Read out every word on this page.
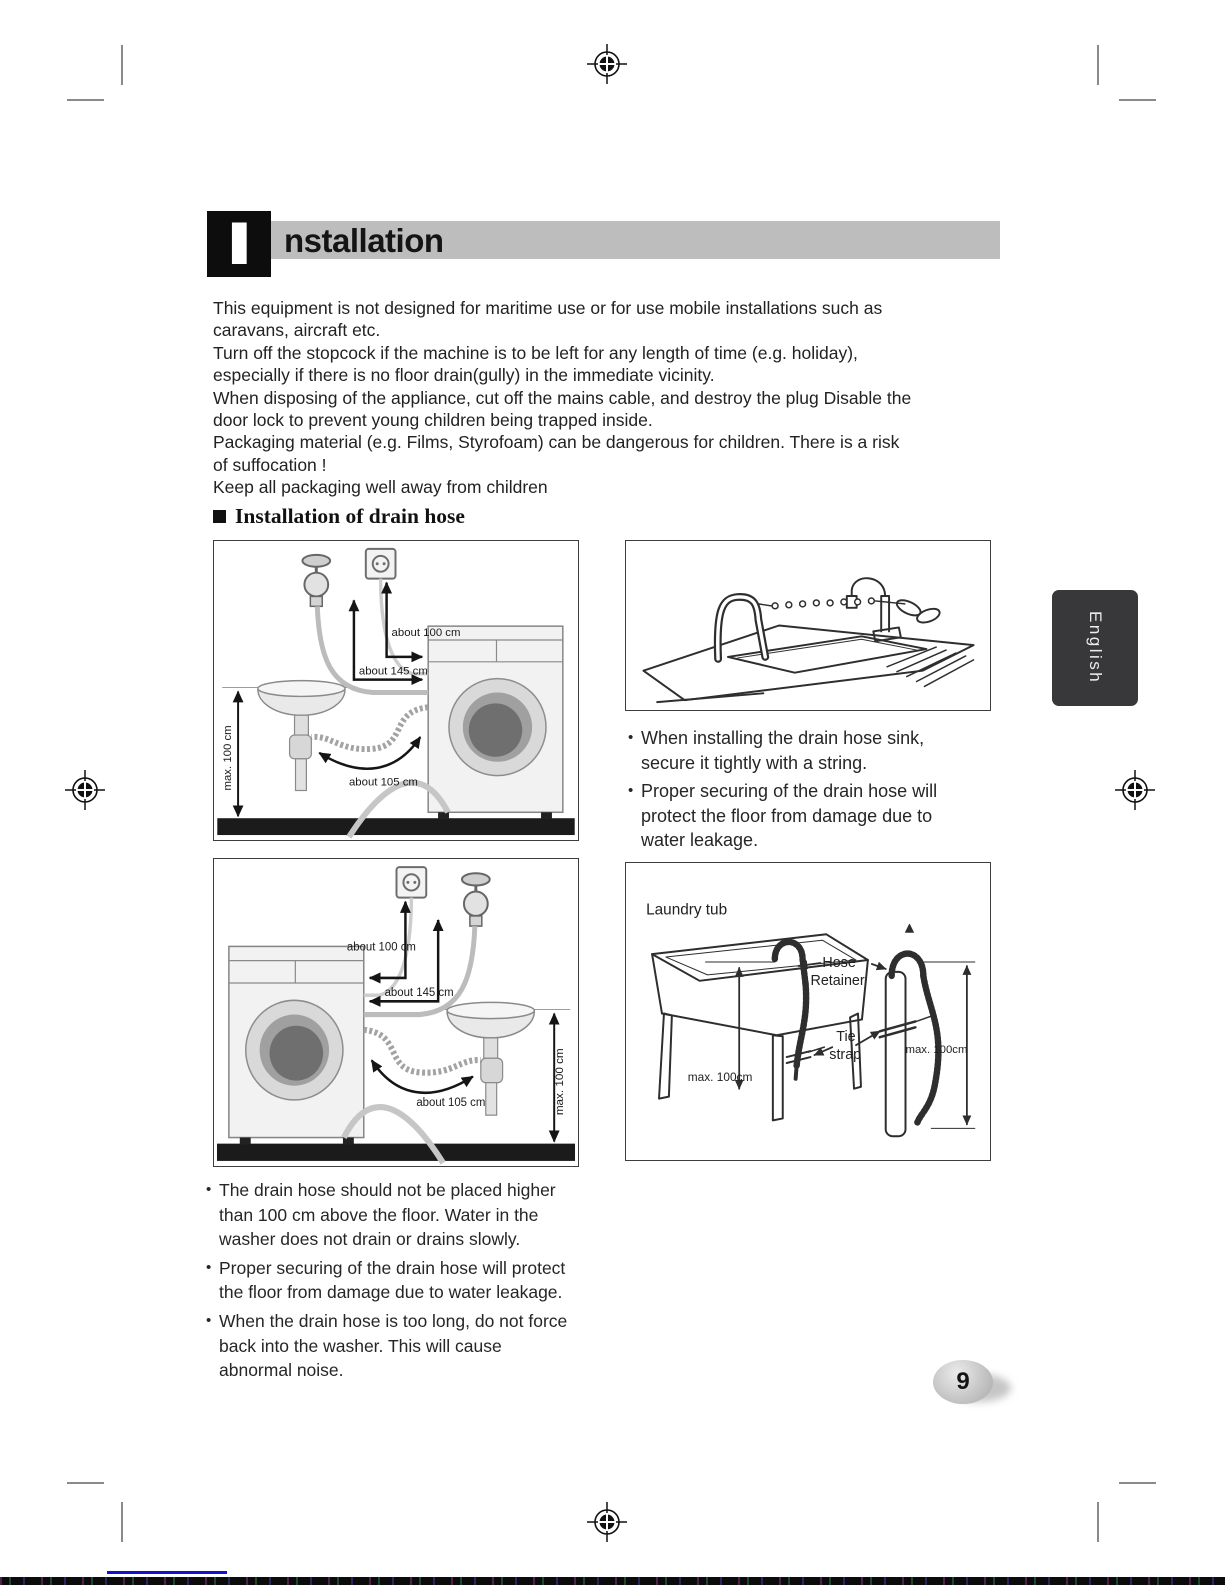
I nstallation
This equipment is not designed for maritime use or for use mobile installations such as
caravans, aircraft etc.
Turn off the stopcock if the machine is to be left for any length of time (e.g. holiday),
especially if there is no floor drain(gully) in the immediate vicinity.
When disposing of the appliance, cut off the mains cable, and destroy the plug Disable the
door lock to prevent young children being trapped inside.
Packaging material (e.g. Films, Styrofoam) can be dangerous for children. There is a risk
of suffocation !
Keep all packaging well away from children
Installation of drain hose
about 100 cm
about 145 cm
about 105 cm
max. 100 cm	• When installing the drain hose sink,
secure it tightly with a string.
• Proper securing of the drain hose will
protect the floor from damage due to
water leakage.
about 100 cm
about 145 cm
about 105 cm	max. 100 cm
Laundry tub
Hose
Retainer
Tie
strap
max. 100cm
max. 100cm
• The drain hose should not be placed higher
than 100 cm above the floor. Water in the
washer does not drain or drains slowly.
• Proper securing of the drain hose will protect
the floor from damage due to water leakage.
• When the drain hose is too long, do not force
back into the washer. This will cause
abnormal noise.
English
9
